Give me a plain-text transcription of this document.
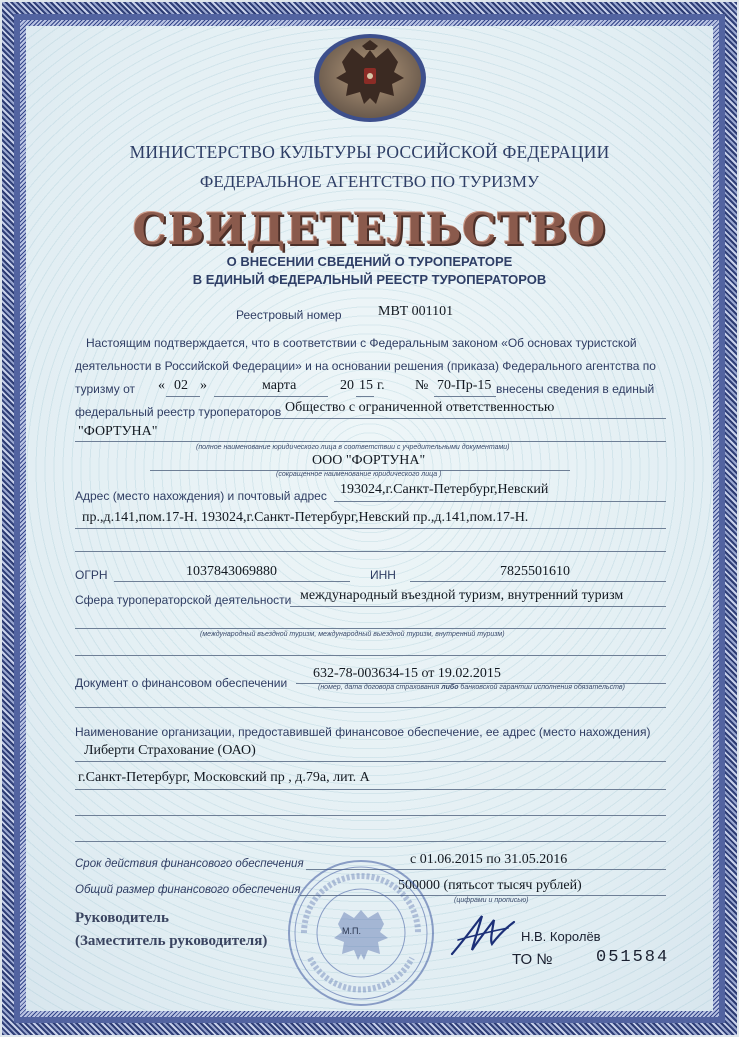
МИНИСТЕРСТВО КУЛЬТУРЫ РОССИЙСКОЙ ФЕДЕРАЦИИ
ФЕДЕРАЛЬНОЕ АГЕНТСТВО ПО ТУРИЗМУ
СВИДЕТЕЛЬСТВО
О ВНЕСЕНИИ СВЕДЕНИЙ О ТУРОПЕРАТОРЕ
В ЕДИНЫЙ ФЕДЕРАЛЬНЫЙ РЕЕСТР ТУРОПЕРАТОРОВ
Реестровый номер	МВТ 001101
Настоящим подтверждается, что в соответствии с Федеральным законом «Об основах туристской
деятельности в Российской Федерации» и на основании решения (приказа) Федерального агентства по
туризму от « 02 »	марта	20 15 г. № 70-Пр-15 внесены сведения в единый
федеральный реестр туроператоров Общество с ограниченной ответственностью
"ФОРТУНА"
(полное наименование юридического лица в соответствии с учредительными документами)
ООО "ФОРТУНА"
(сокращенное наименование юридического лица )
Адрес (место нахождения) и почтовый адрес 193024,г.Санкт-Петербург,Невский
пр.,д.141,пом.17-Н. 193024,г.Санкт-Петербург,Невский пр.,д.141,пом.17-Н.
ОГРН	1037843069880	ИНН	7825501610
Сфера туроператорской деятельности международный въездной туризм, внутренний туризм
(международный въездной туризм, международный выездной туризм, внутренний туризм)
Документ о финансовом обеспечении
632-78-003634-15 от 19.02.2015
(номер, дата договора страхования либо банковской гарантии исполнения обязательств)
Наименование организации, предоставившей финансовое обеспечение, ее адрес (место нахождения)
Либерти Страхование (ОАО)
г.Санкт-Петербург, Московский пр , д.79а, лит. А
Срок действия финансового обеспечения	с 01.06.2015 по 31.05.2016
Общий размер финансового обеспечения	500000 (пятьсот тысяч рублей)
(цифрами и прописью)
М.П.
Руководитель
(Заместитель руководителя)	Н.В. Королёв
ТО №	051584
